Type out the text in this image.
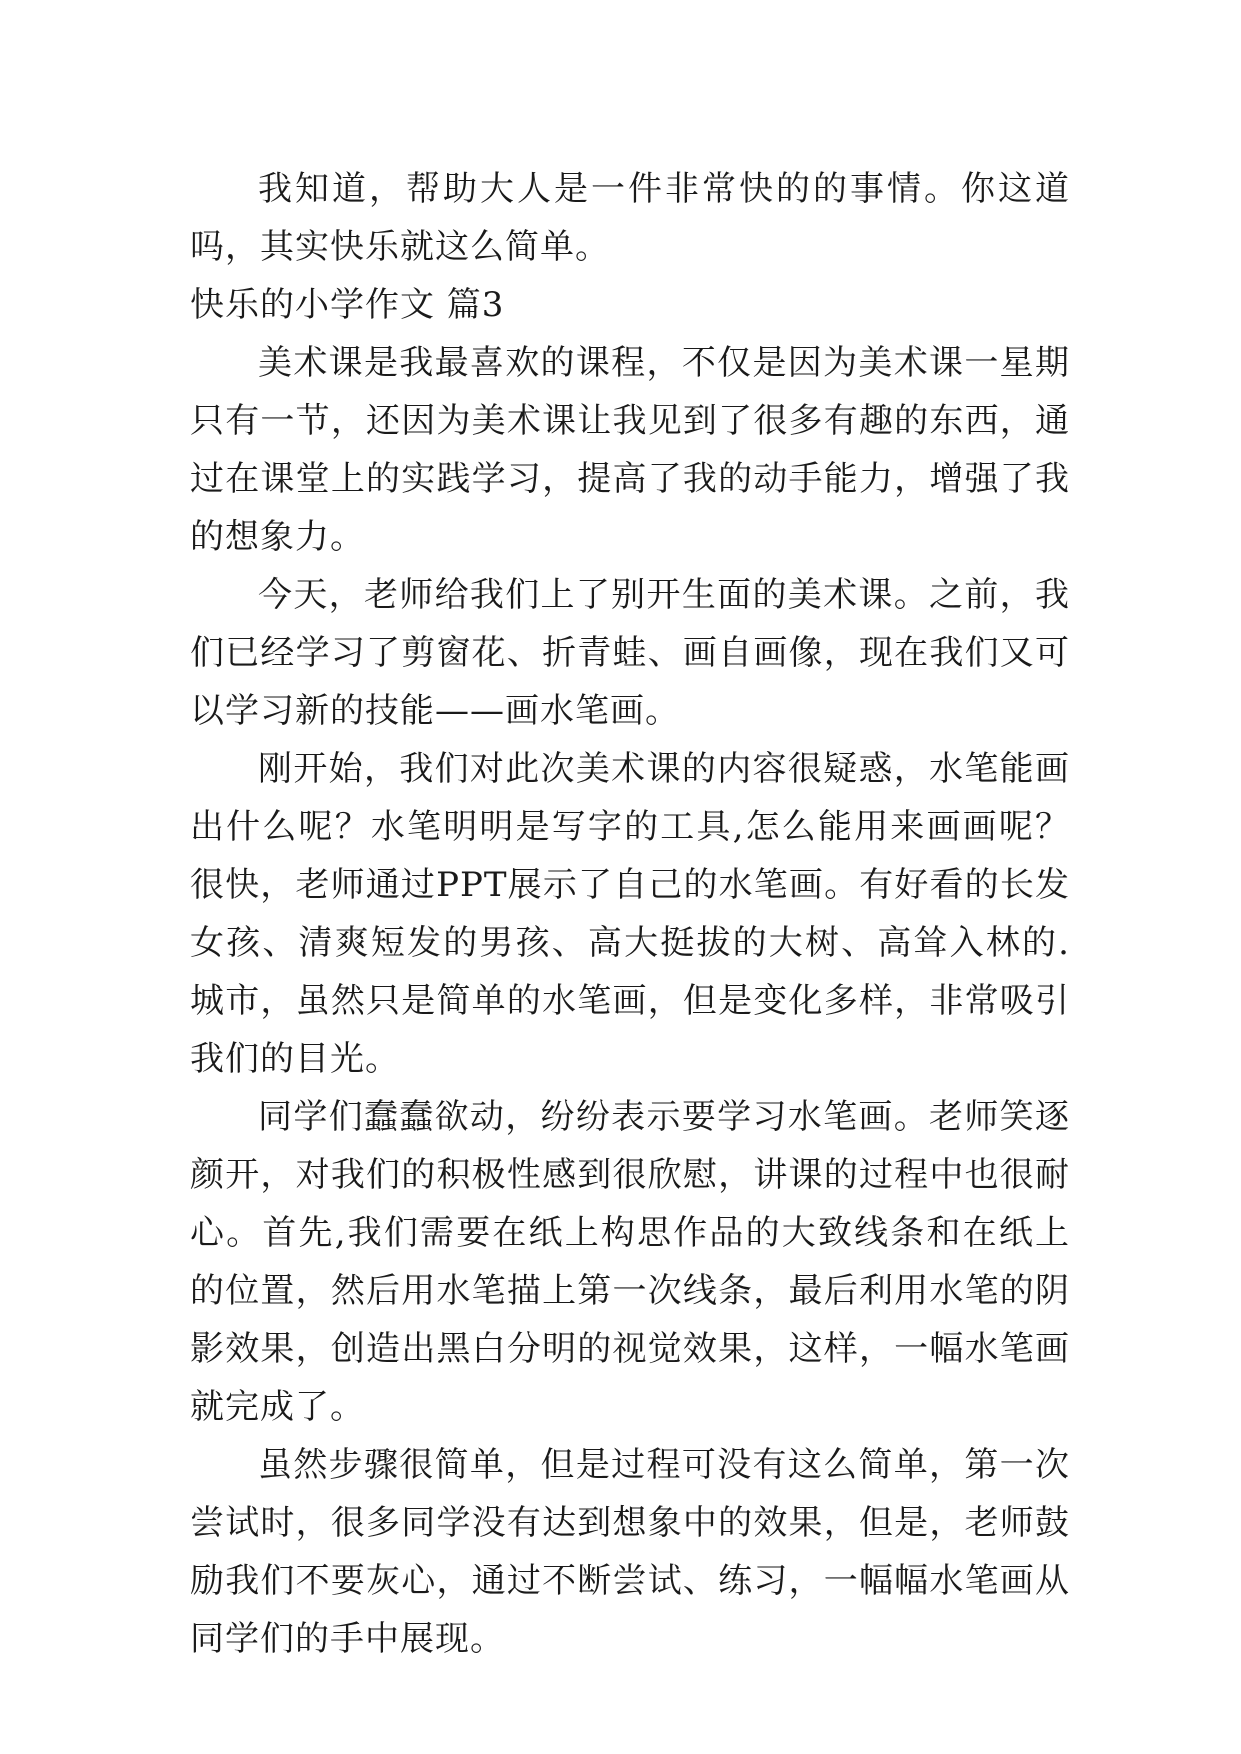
我知道，帮助大人是一件非常快的的事情。你这道吗，其实快乐就这么简单。

快乐的小学作文 篇3

美术课是我最喜欢的课程，不仅是因为美术课一星期只有一节，还因为美术课让我见到了很多有趣的东西，通过在课堂上的实践学习，提高了我的动手能力，增强了我的想象力。

今天，老师给我们上了别开生面的美术课。之前，我们已经学习了剪窗花、折青蛙、画自画像，现在我们又可以学习新的技能——画水笔画。

刚开始，我们对此次美术课的内容很疑惑，水笔能画出什么呢？水笔明明是写字的工具,怎么能用来画画呢？很快，老师通过PPT展示了自己的水笔画。有好看的长发女孩、清爽短发的男孩、高大挺拔的大树、高耸入林的.城市，虽然只是简单的水笔画，但是变化多样，非常吸引我们的目光。

同学们蠢蠢欲动，纷纷表示要学习水笔画。老师笑逐颜开，对我们的积极性感到很欣慰，讲课的过程中也很耐心。首先,我们需要在纸上构思作品的大致线条和在纸上的位置，然后用水笔描上第一次线条，最后利用水笔的阴影效果，创造出黑白分明的视觉效果，这样，一幅水笔画就完成了。

虽然步骤很简单，但是过程可没有这么简单，第一次尝试时，很多同学没有达到想象中的效果，但是，老师鼓励我们不要灰心，通过不断尝试、练习，一幅幅水笔画从同学们的手中展现。
